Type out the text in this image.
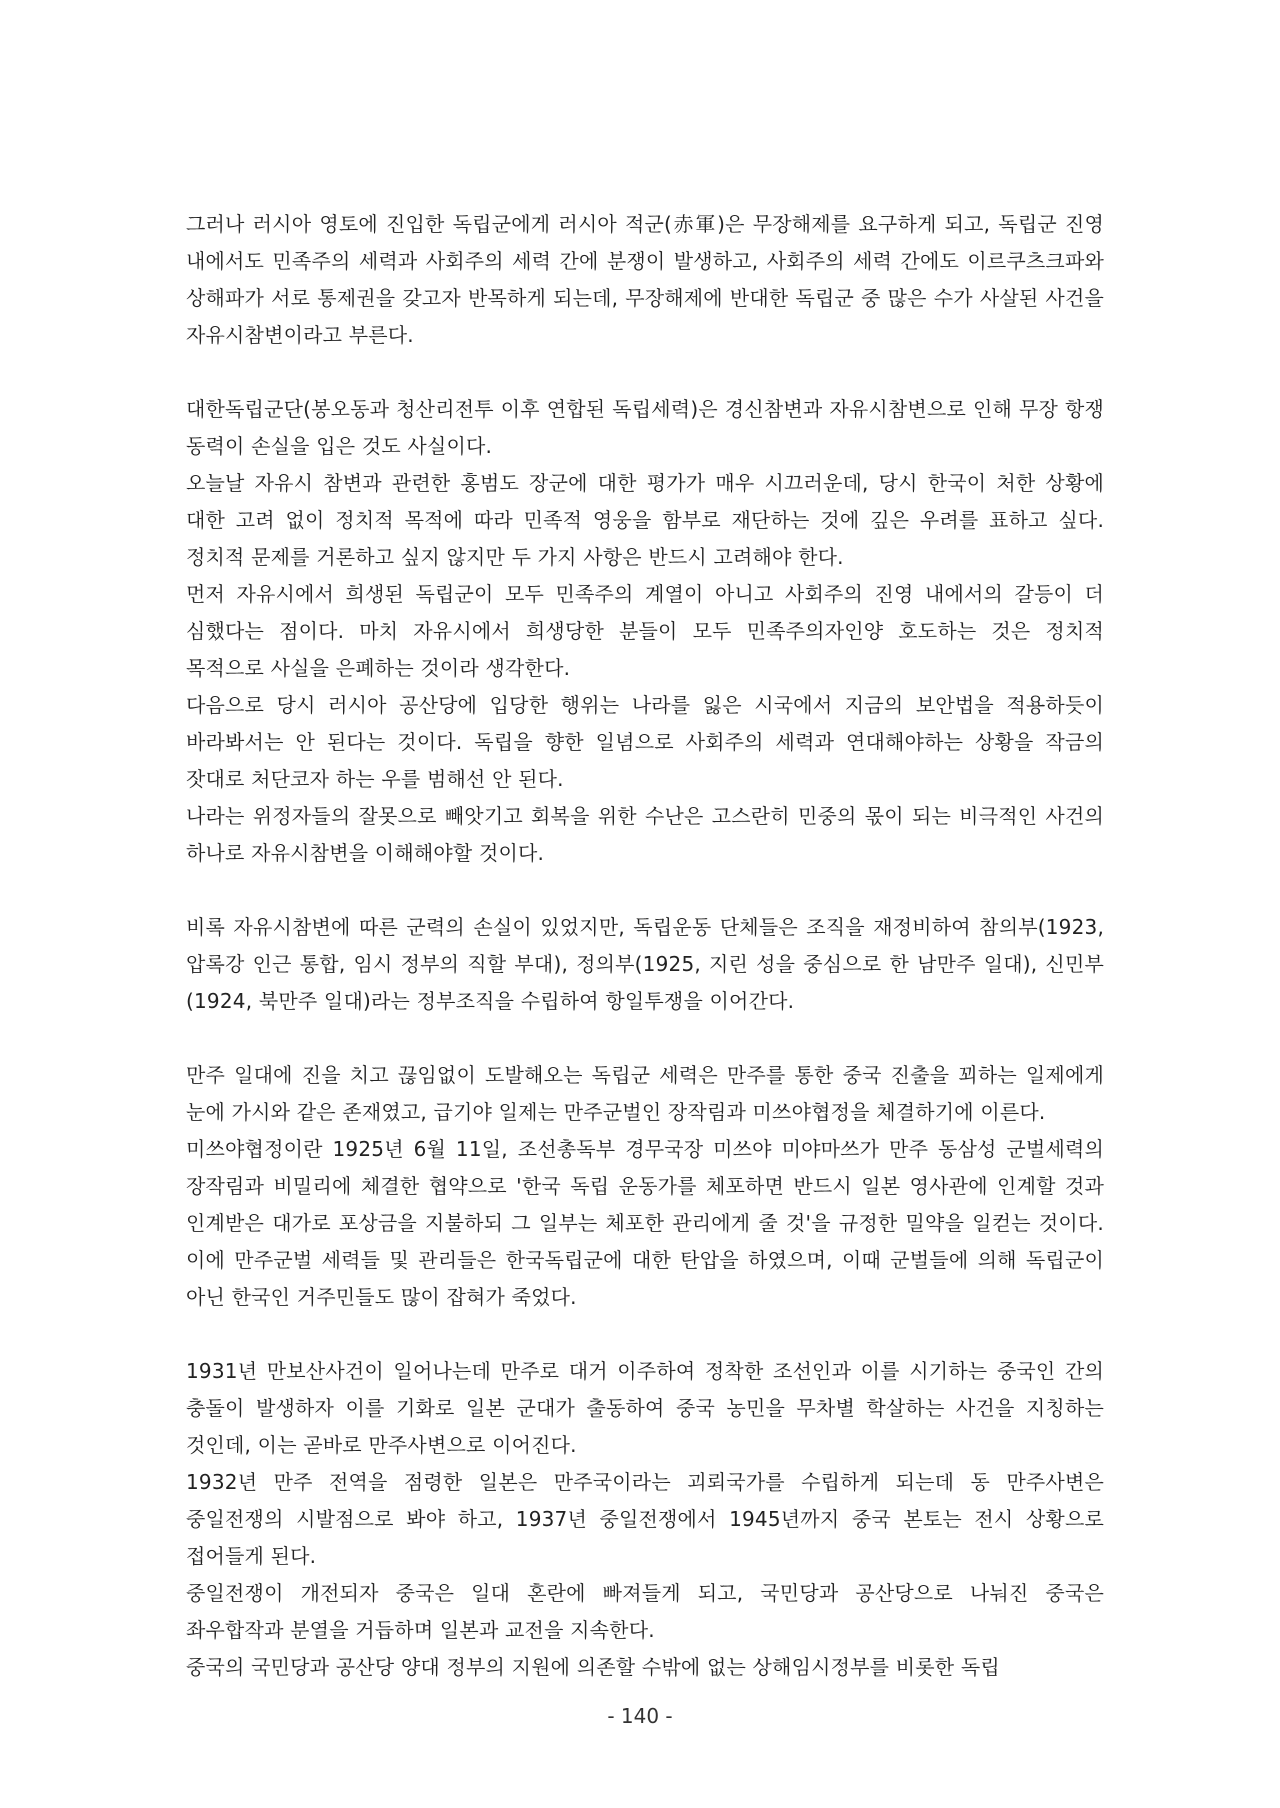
그러나 러시아 영토에 진입한 독립군에게 러시아 적군(赤軍)은 무장해제를 요구하게 되고, 독립군 진영 내에서도 민족주의 세력과 사회주의 세력 간에 분쟁이 발생하고, 사회주의 세력 간에도 이르쿠츠크파와 상해파가 서로 통제권을 갖고자 반목하게 되는데, 무장해제에 반대한 독립군 중 많은 수가 사살된 사건을 자유시참변이라고 부른다.

대한독립군단(봉오동과 청산리전투 이후 연합된 독립세력)은 경신참변과 자유시참변으로 인해 무장 항쟁 동력이 손실을 입은 것도 사실이다.

오늘날 자유시 참변과 관련한 홍범도 장군에 대한 평가가 매우 시끄러운데, 당시 한국이 처한 상황에 대한 고려 없이 정치적 목적에 따라 민족적 영웅을 함부로 재단하는 것에 깊은 우려를 표하고 싶다. 정치적 문제를 거론하고 싶지 않지만 두 가지 사항은 반드시 고려해야 한다.

먼저 자유시에서 희생된 독립군이 모두 민족주의 계열이 아니고 사회주의 진영 내에서의 갈등이 더 심했다는 점이다. 마치 자유시에서 희생당한 분들이 모두 민족주의자인양 호도하는 것은 정치적 목적으로 사실을 은폐하는 것이라 생각한다.

다음으로 당시 러시아 공산당에 입당한 행위는 나라를 잃은 시국에서 지금의 보안법을 적용하듯이 바라봐서는 안 된다는 것이다. 독립을 향한 일념으로 사회주의 세력과 연대해야하는 상황을 작금의 잣대로 처단코자 하는 우를 범해선 안 된다.

나라는 위정자들의 잘못으로 빼앗기고 회복을 위한 수난은 고스란히 민중의 몫이 되는 비극적인 사건의 하나로 자유시참변을 이해해야할 것이다.

비록 자유시참변에 따른 군력의 손실이 있었지만, 독립운동 단체들은 조직을 재정비하여 참의부(1923, 압록강 인근 통합, 임시 정부의 직할 부대), 정의부(1925, 지린 성을 중심으로 한 남만주 일대), 신민부(1924, 북만주 일대)라는 정부조직을 수립하여 항일투쟁을 이어간다.

만주 일대에 진을 치고 끊임없이 도발해오는 독립군 세력은 만주를 통한 중국 진출을 꾀하는 일제에게 눈에 가시와 같은 존재였고, 급기야 일제는 만주군벌인 장작림과 미쓰야협정을 체결하기에 이른다.

미쓰야협정이란 1925년 6월 11일, 조선총독부 경무국장 미쓰야 미야마쓰가 만주 동삼성 군벌세력의 장작림과 비밀리에 체결한 협약으로 '한국 독립 운동가를 체포하면 반드시 일본 영사관에 인계할 것과 인계받은 대가로 포상금을 지불하되 그 일부는 체포한 관리에게 줄 것'을 규정한 밀약을 일컫는 것이다. 이에 만주군벌 세력들 및 관리들은 한국독립군에 대한 탄압을 하였으며, 이때 군벌들에 의해 독립군이 아닌 한국인 거주민들도 많이 잡혀가 죽었다.

1931년 만보산사건이 일어나는데 만주로 대거 이주하여 정착한 조선인과 이를 시기하는 중국인 간의 충돌이 발생하자 이를 기화로 일본 군대가 출동하여 중국 농민을 무차별 학살하는 사건을 지칭하는 것인데, 이는 곧바로 만주사변으로 이어진다.

1932년 만주 전역을 점령한 일본은 만주국이라는 괴뢰국가를 수립하게 되는데 동 만주사변은 중일전쟁의 시발점으로 봐야 하고, 1937년 중일전쟁에서 1945년까지 중국 본토는 전시 상황으로 접어들게 된다.

중일전쟁이 개전되자 중국은 일대 혼란에 빠져들게 되고, 국민당과 공산당으로 나눠진 중국은 좌우합작과 분열을 거듭하며 일본과 교전을 지속한다.

중국의 국민당과 공산당 양대 정부의 지원에 의존할 수밖에 없는 상해임시정부를 비롯한 독립

- 140 -
